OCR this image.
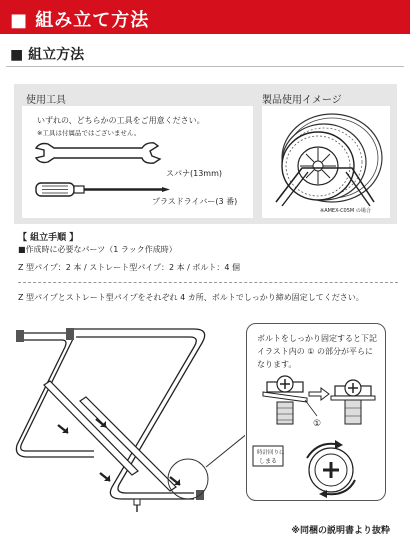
■ 組み立て方法
■ 組立方法
使用工具	製品使用イメージ
いずれの、どちらかの工具をご用意ください。
※工具は付属品ではございません。
スパナ(13mm)
プラスドライバー(3 番)
※AMEX-C05M の場合
【 組立手順 】
■作成時に必要なパーツ（1 ラック作成時）
Z 型パイプ：2 本 / ストレート型パイプ：2 本 / ボルト：4 個
Z 型パイプとストレート型パイプをそれぞれ 4 カ所、ボルトでしっかり締め固定してください。
ボルトをしっかり固定すると下記
イラスト内の ① の部分が平らに
なります。
①
時計回りに
しまる
※同梱の説明書より抜粋
